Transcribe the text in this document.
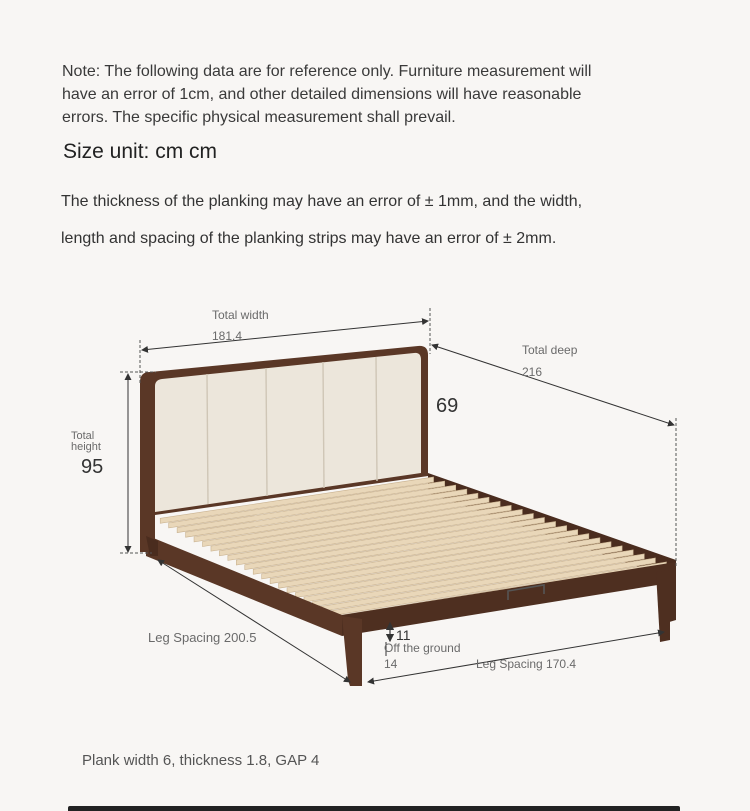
Note: The following data are for reference only. Furniture measurement will have an error of 1cm, and other detailed dimensions will have reasonable errors. The specific physical measurement shall prevail.
Size unit: cm cm
The thickness of the planking may have an error of ± 1mm, and the width,
length and spacing of the planking strips may have an error of ± 2mm.
Total width
181.4
Total deep
216
69
Total
height
95
Leg Spacing 200.5
Leg Spacing 170.4
11
Off the ground
14
Plank width 6, thickness 1.8, GAP 4
